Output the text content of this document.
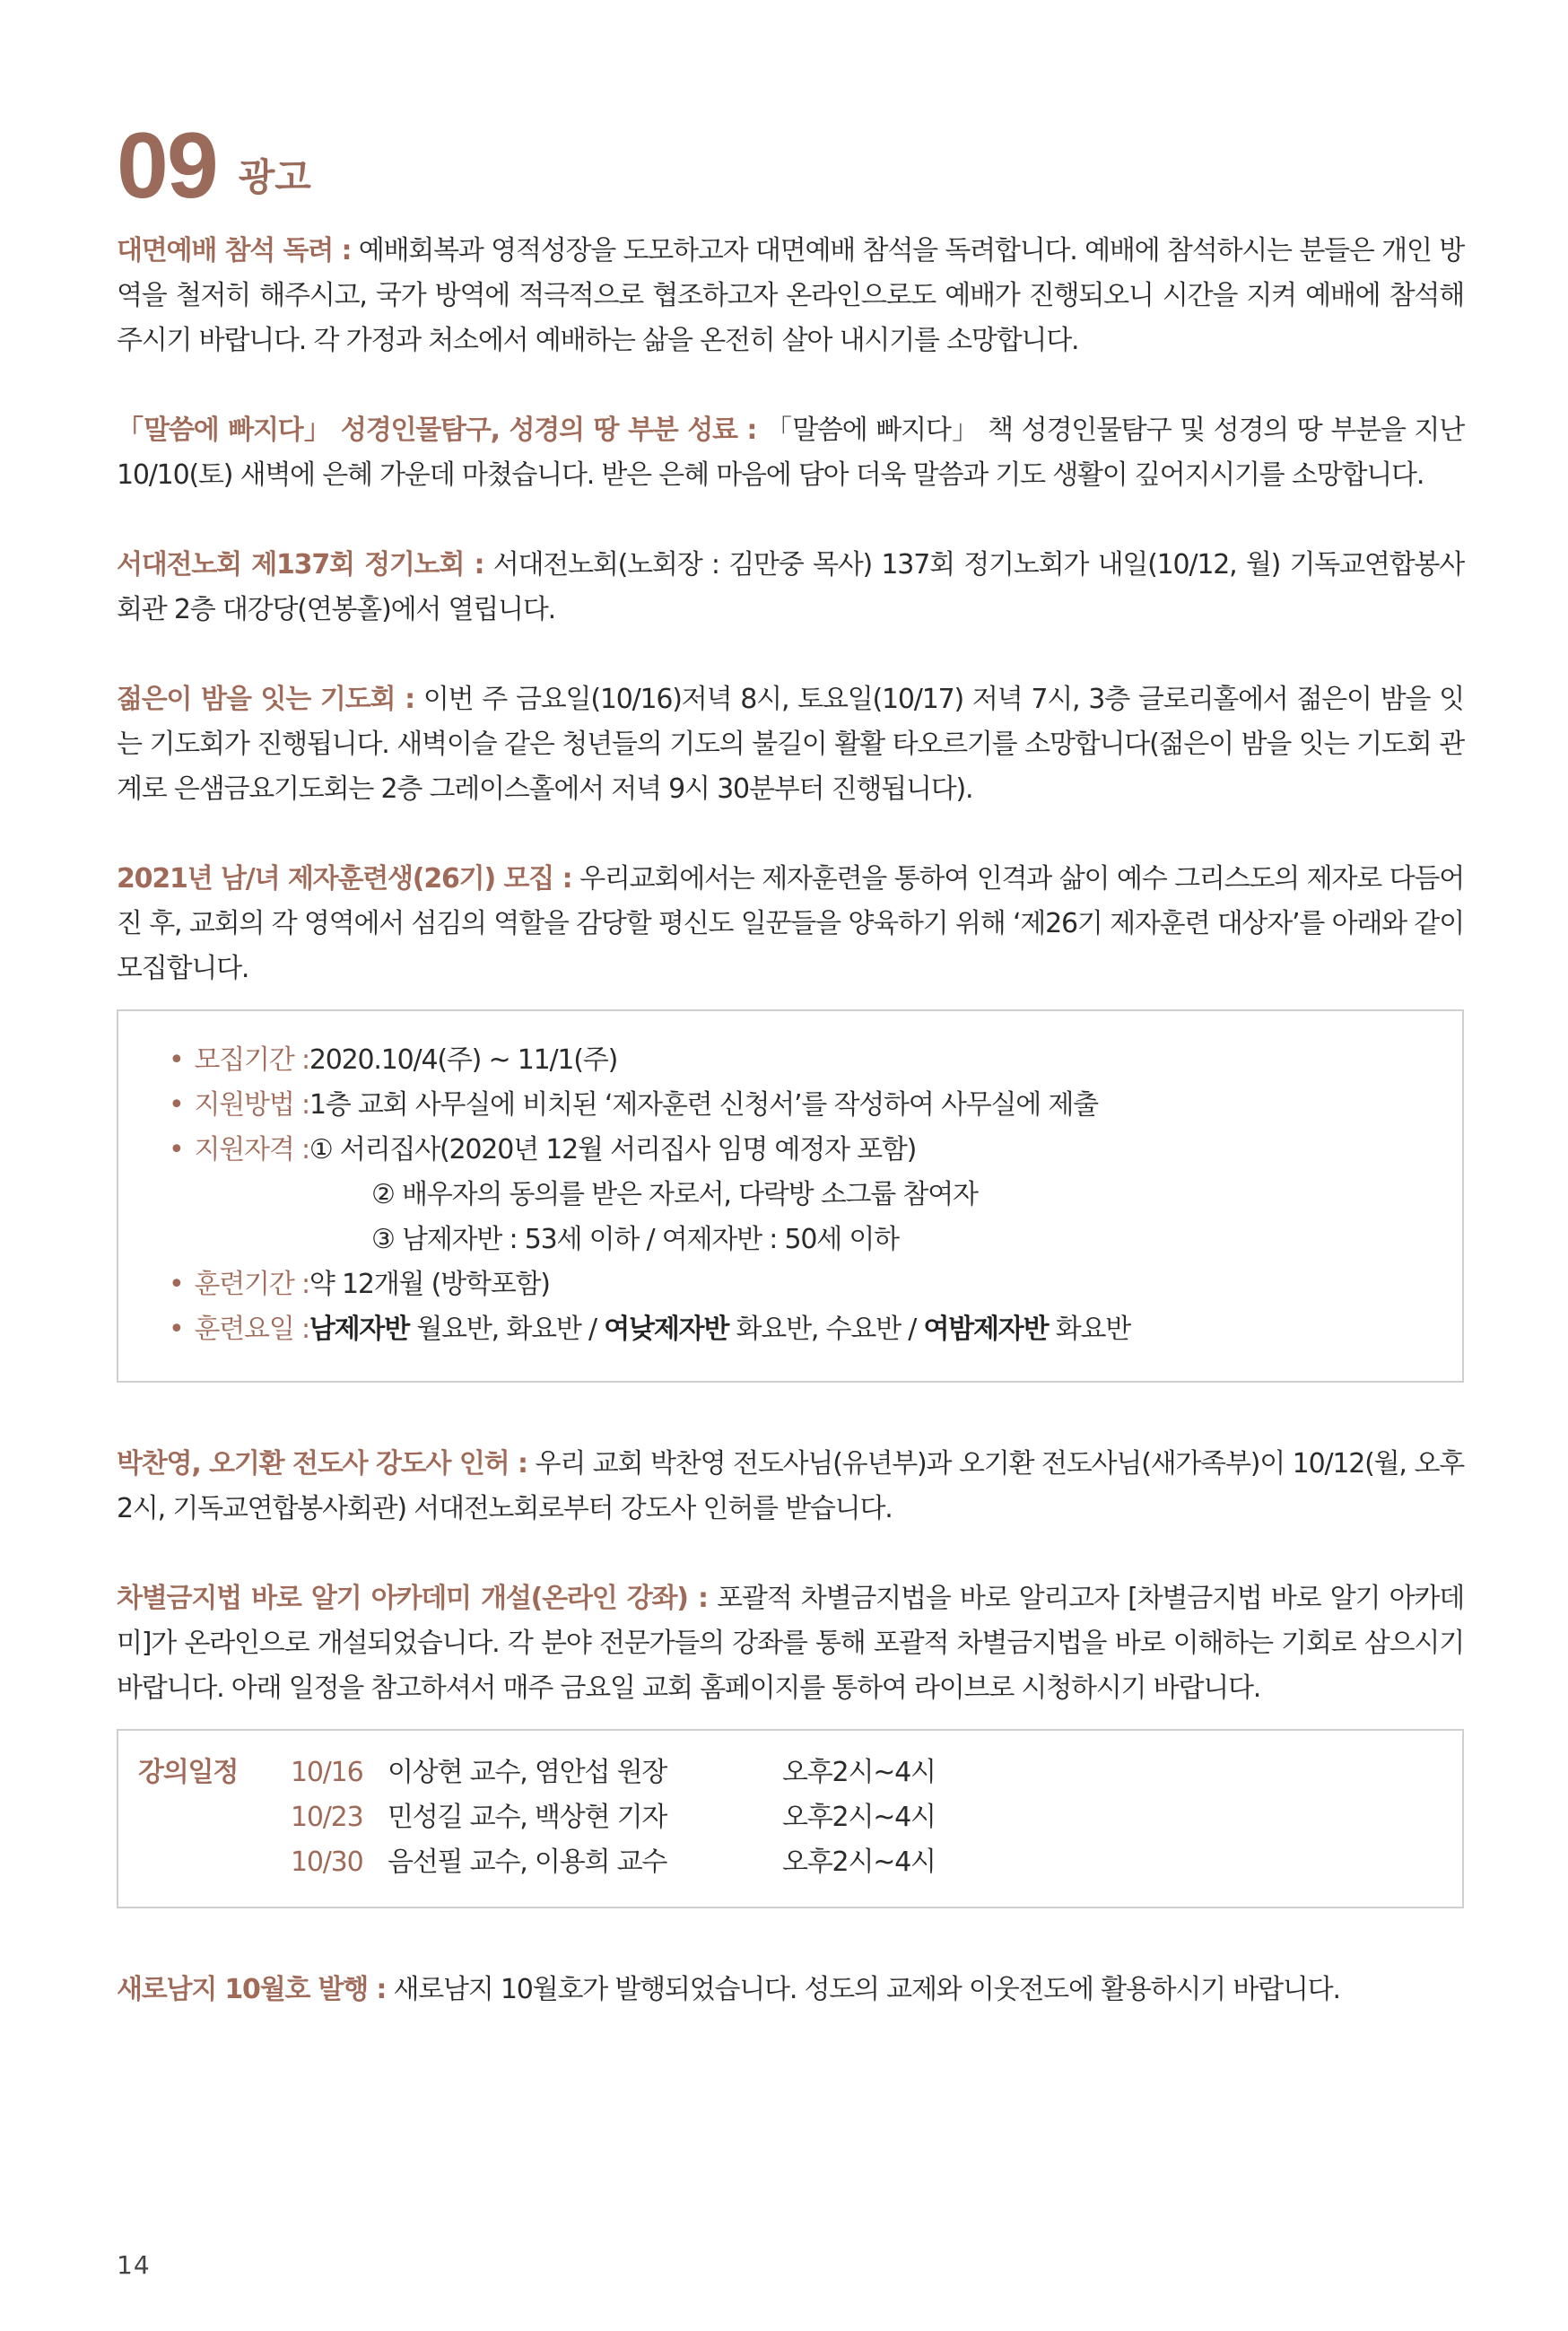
09 광고

대면예배 참석 독려 : 예배회복과 영적성장을 도모하고자 대면예배 참석을 독려합니다. 예배에 참석하시는 분들은 개인 방역을 철저히 해주시고, 국가 방역에 적극적으로 협조하고자 온라인으로도 예배가 진행되오니 시간을 지켜 예배에 참석해 주시기 바랍니다. 각 가정과 처소에서 예배하는 삶을 온전히 살아 내시기를 소망합니다.

「말씀에 빠지다」 성경인물탐구, 성경의 땅 부분 성료 : 「말씀에 빠지다」 책 성경인물탐구 및 성경의 땅 부분을 지난 10/10(토) 새벽에 은혜 가운데 마쳤습니다. 받은 은혜 마음에 담아 더욱 말씀과 기도 생활이 깊어지시기를 소망합니다.

서대전노회 제137회 정기노회 : 서대전노회(노회장 : 김만중 목사) 137회 정기노회가 내일(10/12, 월) 기독교연합봉사회관 2층 대강당(연봉홀)에서 열립니다.

젊은이 밤을 잇는 기도회 : 이번 주 금요일(10/16)저녁 8시, 토요일(10/17) 저녁 7시, 3층 글로리홀에서 젊은이 밤을 잇는 기도회가 진행됩니다. 새벽이슬 같은 청년들의 기도의 불길이 활활 타오르기를 소망합니다(젊은이 밤을 잇는 기도회 관계로 은샘금요기도회는 2층 그레이스홀에서 저녁 9시 30분부터 진행됩니다).

2021년 남/녀 제자훈련생(26기) 모집 : 우리교회에서는 제자훈련을 통하여 인격과 삶이 예수 그리스도의 제자로 다듬어진 후, 교회의 각 영역에서 섬김의 역할을 감당할 평신도 일꾼들을 양육하기 위해 ‘제26기 제자훈련 대상자’를 아래와 같이 모집합니다.

• 모집기간 : 2020.10/4(주) ~ 11/1(주)
• 지원방법 : 1층 교회 사무실에 비치된 ‘제자훈련 신청서’를 작성하여 사무실에 제출
• 지원자격 : ① 서리집사(2020년 12월 서리집사 임명 예정자 포함)
② 배우자의 동의를 받은 자로서, 다락방 소그룹 참여자
③ 남제자반 : 53세 이하 / 여제자반 : 50세 이하
• 훈련기간 : 약 12개월 (방학포함)
• 훈련요일 : 남제자반 월요반, 화요반 / 여낮제자반 화요반, 수요반 / 여밤제자반 화요반

박찬영, 오기환 전도사 강도사 인허 : 우리 교회 박찬영 전도사님(유년부)과 오기환 전도사님(새가족부)이 10/12(월, 오후 2시, 기독교연합봉사회관) 서대전노회로부터 강도사 인허를 받습니다.

차별금지법 바로 알기 아카데미 개설(온라인 강좌) : 포괄적 차별금지법을 바로 알리고자 [차별금지법 바로 알기 아카데미]가 온라인으로 개설되었습니다. 각 분야 전문가들의 강좌를 통해 포괄적 차별금지법을 바로 이해하는 기회로 삼으시기 바랍니다. 아래 일정을 참고하셔서 매주 금요일 교회 홈페이지를 통하여 라이브로 시청하시기 바랍니다.

강의일정	10/16 이상현 교수, 염안섭 원장	오후2시~4시
10/23 민성길 교수, 백상현 기자	오후2시~4시
10/30 음선필 교수, 이용희 교수	오후2시~4시

새로남지 10월호 발행 : 새로남지 10월호가 발행되었습니다. 성도의 교제와 이웃전도에 활용하시기 바랍니다.

14
